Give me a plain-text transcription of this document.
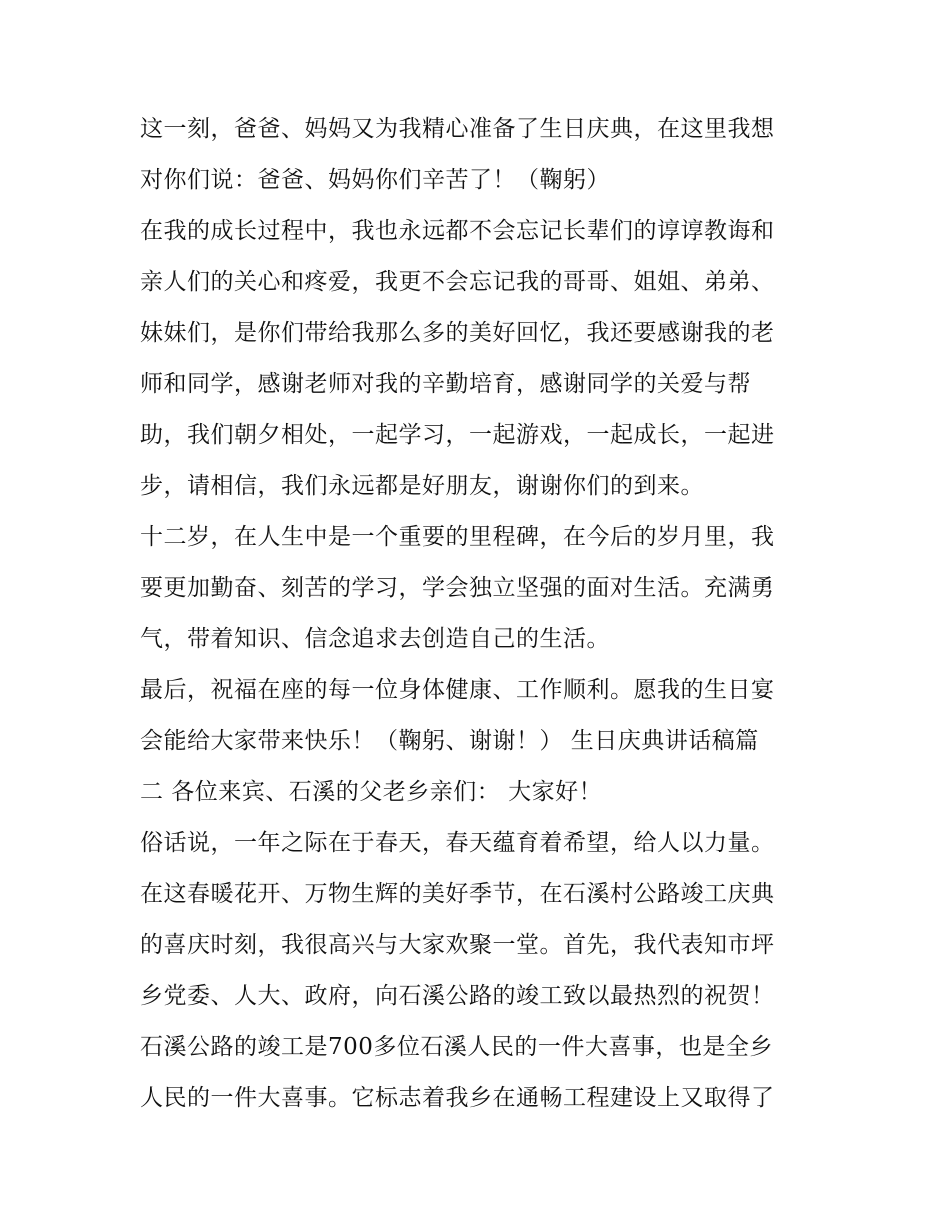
这一刻，爸爸、妈妈又为我精心准备了生日庆典，在这里我想
对你们说：爸爸、妈妈你们辛苦了！（鞠躬）
在我的成长过程中，我也永远都不会忘记长辈们的谆谆教诲和
亲人们的关心和疼爱，我更不会忘记我的哥哥、姐姐、弟弟、
妹妹们，是你们带给我那么多的美好回忆，我还要感谢我的老
师和同学，感谢老师对我的辛勤培育，感谢同学的关爱与帮
助，我们朝夕相处，一起学习，一起游戏，一起成长，一起进
步，请相信，我们永远都是好朋友，谢谢你们的到来。
十二岁，在人生中是一个重要的里程碑，在今后的岁月里，我
要更加勤奋、刻苦的学习，学会独立坚强的面对生活。充满勇
气，带着知识、信念追求去创造自己的生活。
最后，祝福在座的每一位身体健康、工作顺利。愿我的生日宴
会能给大家带来快乐！（鞠躬、谢谢！） 生日庆典讲话稿篇
二 各位来宾、石溪的父老乡亲们： 大家好！
俗话说，一年之际在于春天，春天蕴育着希望，给人以力量。
在这春暖花开、万物生辉的美好季节，在石溪村公路竣工庆典
的喜庆时刻，我很高兴与大家欢聚一堂。首先，我代表知市坪
乡党委、人大、政府，向石溪公路的竣工致以最热烈的祝贺！
石溪公路的竣工是700多位石溪人民的一件大喜事，也是全乡
人民的一件大喜事。它标志着我乡在通畅工程建设上又取得了
